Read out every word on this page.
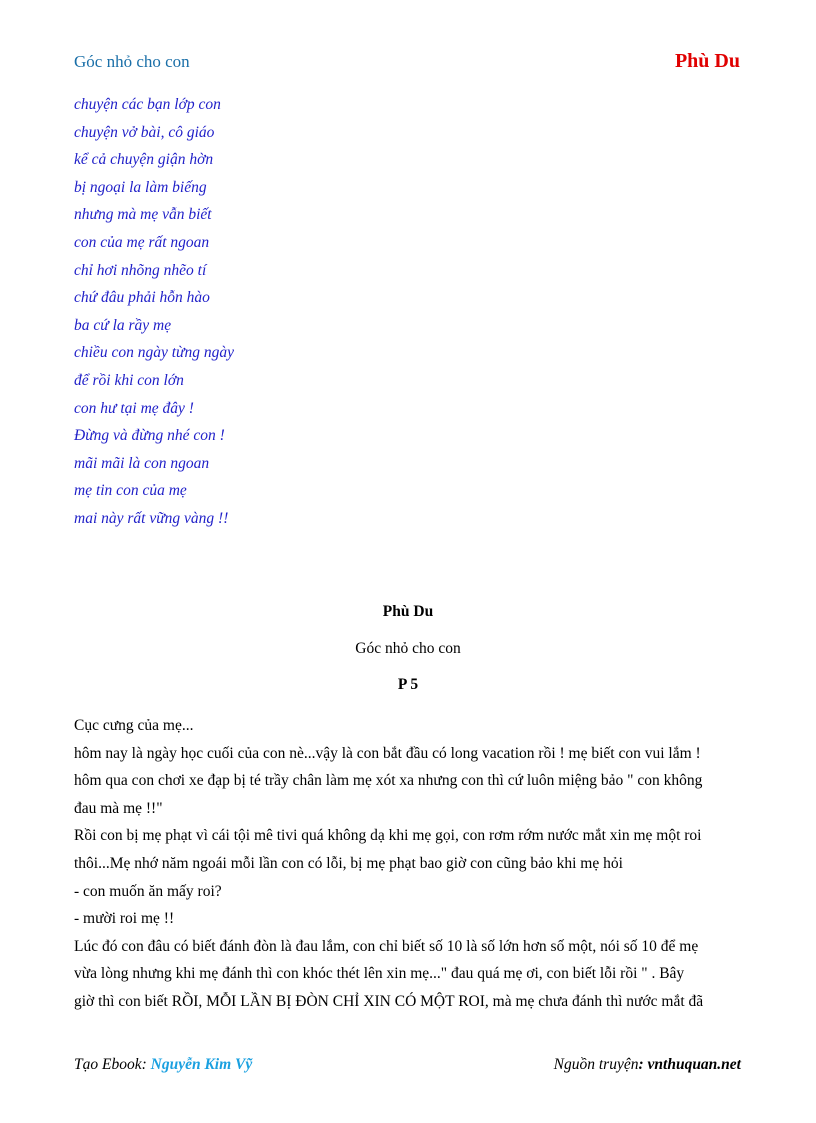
Góc nhỏ cho con	Phù Du
chuyện các bạn lớp con
chuyện vở bài, cô giáo
kể cả chuyện giận hờn
bị ngoại la làm biếng
nhưng mà mẹ vẫn biết
con của mẹ rất ngoan
chỉ hơi nhõng nhẽo tí
chứ đâu phải hỗn hào
ba cứ la rầy mẹ
chiều con ngày từng ngày
để rồi khi con lớn
con hư tại mẹ đây !
Đừng và đừng nhé con !
mãi mãi là con ngoan
mẹ tin con của mẹ
mai này rất vững vàng !!
Phù Du
Góc nhỏ cho con
P 5

Cục cưng của mẹ...

hôm nay là ngày học cuối của con nè...vậy là con bắt đầu có long vacation rồi ! mẹ biết con vui lắm !

hôm qua con chơi xe đạp bị té trầy chân làm mẹ xót xa nhưng con thì cứ luôn miệng bảo " con không

đau mà mẹ !!"

Rồi con bị mẹ phạt vì cái tội mê tivi quá không dạ khi mẹ gọi, con rơm rớm nước mắt xin mẹ một roi

thôi...Mẹ nhớ năm ngoái mỗi lần con có lỗi, bị mẹ phạt bao giờ con cũng bảo khi mẹ hỏi

- con muốn ăn mấy roi?

- mười roi mẹ !!

Lúc đó con đâu có biết đánh đòn là đau lắm, con chỉ biết số 10 là số lớn hơn số một, nói số 10 để mẹ

vừa lòng nhưng khi mẹ đánh thì con khóc thét lên xin mẹ..." đau quá mẹ ơi, con biết lỗi rồi " . Bây

giờ thì con biết RỒI, MỖI LẦN BỊ ĐÒN CHỈ XIN CÓ MỘT ROI, mà mẹ chưa đánh thì nước mắt đã

Tạo Ebook: Nguyễn Kim Vỹ	Nguồn truyện: vnthuquan.net
